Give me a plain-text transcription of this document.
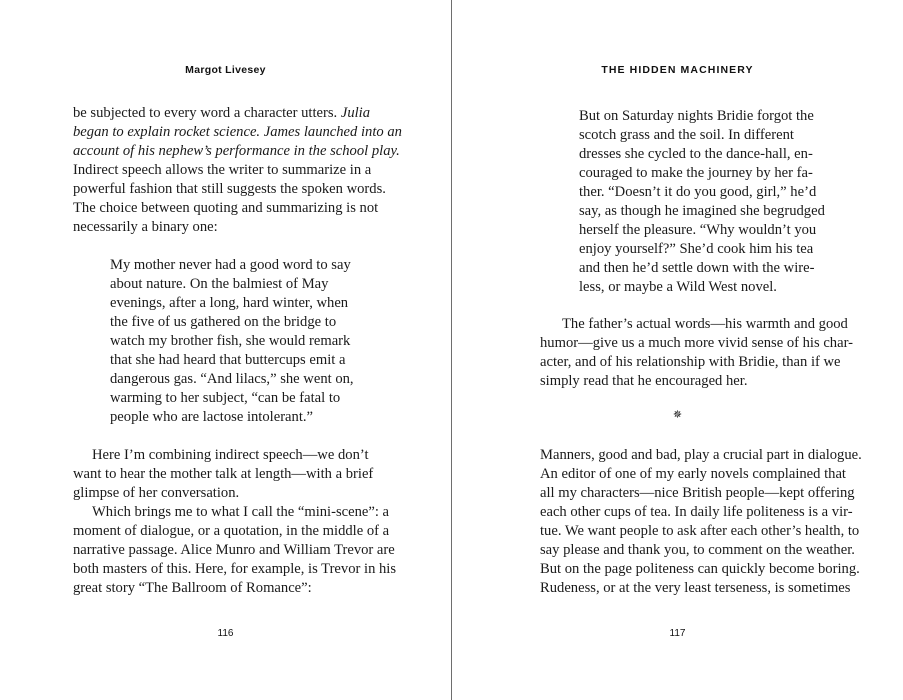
Margot Livesey
be subjected to every word a character utters. Julia
began to explain rocket science. James launched into an
account of his nephew’s performance in the school play.
Indirect speech allows the writer to summarize in a
powerful fashion that still suggests the spoken words.
The choice between quoting and summarizing is not
necessarily a binary one:
My mother never had a good word to say
about nature. On the balmiest of May
evenings, after a long, hard winter, when
the five of us gathered on the bridge to
watch my brother fish, she would remark
that she had heard that buttercups emit a
dangerous gas. “And lilacs,” she went on,
warming to her subject, “can be fatal to
people who are lactose intolerant.”
Here I’m combining indirect speech—we don’t
want to hear the mother talk at length—with a brief
glimpse of her conversation.
Which brings me to what I call the “mini-scene”: a
moment of dialogue, or a quotation, in the middle of a
narrative passage. Alice Munro and William Trevor are
both masters of this. Here, for example, is Trevor in his
great story “The Ballroom of Romance”:
116
THE HIDDEN MACHINERY
But on Saturday nights Bridie forgot the
scotch grass and the soil. In different
dresses she cycled to the dance-hall, en-
couraged to make the journey by her fa-
ther. “Doesn’t it do you good, girl,” he’d
say, as though he imagined she begrudged
herself the pleasure. “Why wouldn’t you
enjoy yourself?” She’d cook him his tea
and then he’d settle down with the wire-
less, or maybe a Wild West novel.
The father’s actual words—his warmth and good
humor—give us a much more vivid sense of his char-
acter, and of his relationship with Bridie, than if we
simply read that he encouraged her.
✵
Manners, good and bad, play a crucial part in dialogue.
An editor of one of my early novels complained that
all my characters—nice British people—kept offering
each other cups of tea. In daily life politeness is a vir-
tue. We want people to ask after each other’s health, to
say please and thank you, to comment on the weather.
But on the page politeness can quickly become boring.
Rudeness, or at the very least terseness, is sometimes
117
